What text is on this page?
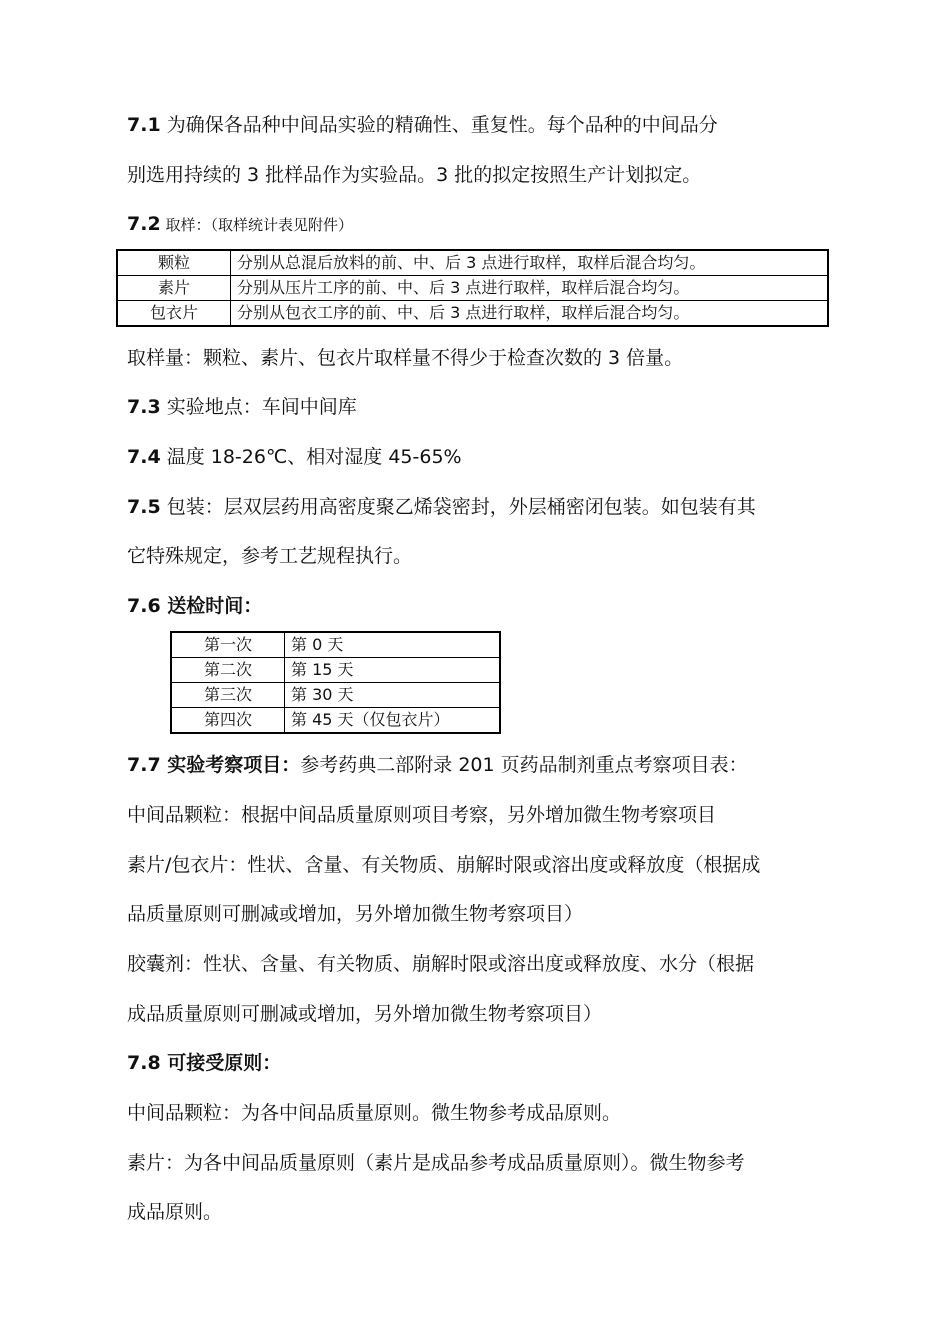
7.1 为确保各品种中间品实验的精确性、重复性。每个品种的中间品分
别选用持续的 3 批样品作为实验品。3 批的拟定按照生产计划拟定。
7.2 取样：（取样统计表见附件）
颗粒	分别从总混后放料的前、中、后 3 点进行取样，取样后混合均匀。
素片	分别从压片工序的前、中、后 3 点进行取样，取样后混合均匀。
包衣片	分别从包衣工序的前、中、后 3 点进行取样，取样后混合均匀。
取样量：颗粒、素片、包衣片取样量不得少于检查次数的 3 倍量。
7.3 实验地点：车间中间库
7.4 温度 18-26℃、相对湿度 45-65%
7.5 包装：层双层药用高密度聚乙烯袋密封，外层桶密闭包装。如包装有其
它特殊规定，参考工艺规程执行。
7.6 送检时间：
第一次	第 0 天
第二次	第 15 天
第三次	第 30 天
第四次	第 45 天（仅包衣片）
7.7 实验考察项目：参考药典二部附录 201 页药品制剂重点考察项目表：
中间品颗粒：根据中间品质量原则项目考察，另外增加微生物考察项目
素片/包衣片：性状、含量、有关物质、崩解时限或溶出度或释放度（根据成
品质量原则可删减或增加，另外增加微生物考察项目）
胶囊剂：性状、含量、有关物质、崩解时限或溶出度或释放度、水分（根据
成品质量原则可删减或增加，另外增加微生物考察项目）
7.8 可接受原则：
中间品颗粒：为各中间品质量原则。微生物参考成品原则。
素片：为各中间品质量原则（素片是成品参考成品质量原则）。微生物参考
成品原则。
